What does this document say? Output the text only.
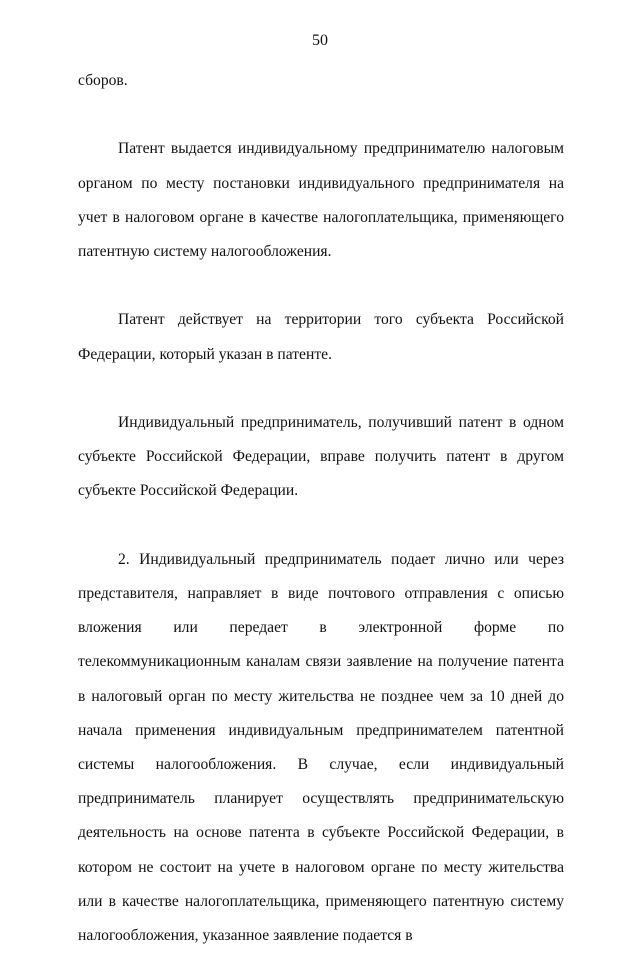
50

сборов.

Патент выдается индивидуальному предпринимателю налоговым органом по месту постановки индивидуального предпринимателя на учет в налоговом органе в качестве налогоплательщика, применяющего патентную систему налогообложения.

Патент действует на территории того субъекта Российской Федерации, который указан в патенте.

Индивидуальный предприниматель, получивший патент в одном субъекте Российской Федерации, вправе получить патент в другом субъекте Российской Федерации.

2. Индивидуальный предприниматель подает лично или через представителя, направляет в виде почтового отправления с описью вложения или передает в электронной форме по телекоммуникационным каналам связи заявление на получение патента в налоговый орган по месту жительства не позднее чем за 10 дней до начала применения индивидуальным предпринимателем патентной системы налогообложения. В случае, если индивидуальный предприниматель планирует осуществлять предпринимательскую деятельность на основе патента в субъекте Российской Федерации, в котором не состоит на учете в налоговом органе по месту жительства или в качестве налогоплательщика, применяющего патентную систему налогообложения, указанное заявление подается в
